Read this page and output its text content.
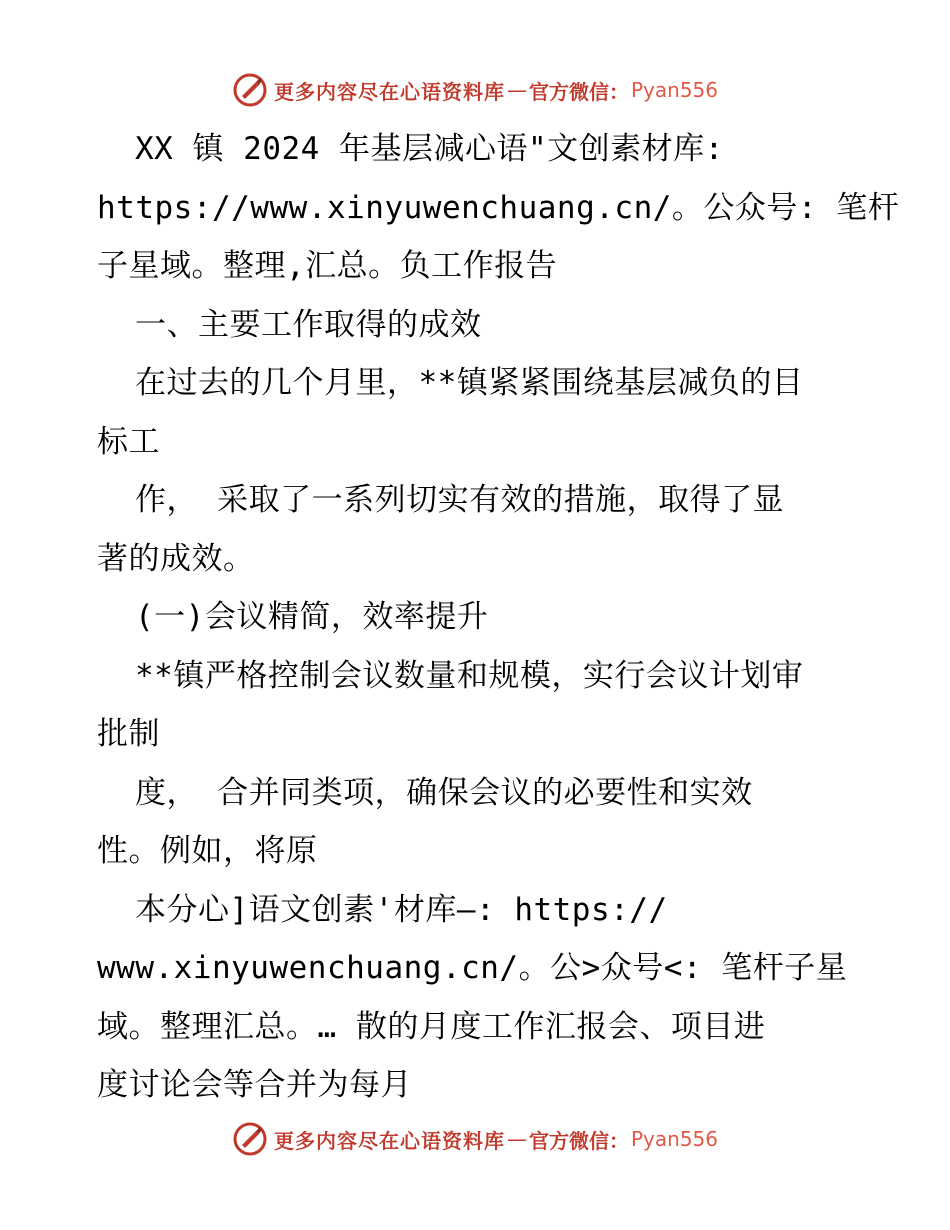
更多内容尽在心语资料库 — 官方微信： Pyan556
XX 镇 2024 年基层减心语"文创素材库:
https://www.xinyuwenchuang.cn/。公众号: 笔杆
子星域。整理,汇总。负工作报告
一、主要工作取得的成效
在过去的几个月里，**镇紧紧围绕基层减负的目
标工
作， 采取了一系列切实有效的措施，取得了显
著的成效。
(一)会议精简，效率提升
**镇严格控制会议数量和规模，实行会议计划审
批制
度， 合并同类项，确保会议的必要性和实效
性。例如，将原
本分心]语文创素'材库—: https://
www.xinyuwenchuang.cn/。公>众号<: 笔杆子星
域。整理汇总。… 散的月度工作汇报会、项目进
度讨论会等合并为每月
更多内容尽在心语资料库 — 官方微信： Pyan556
